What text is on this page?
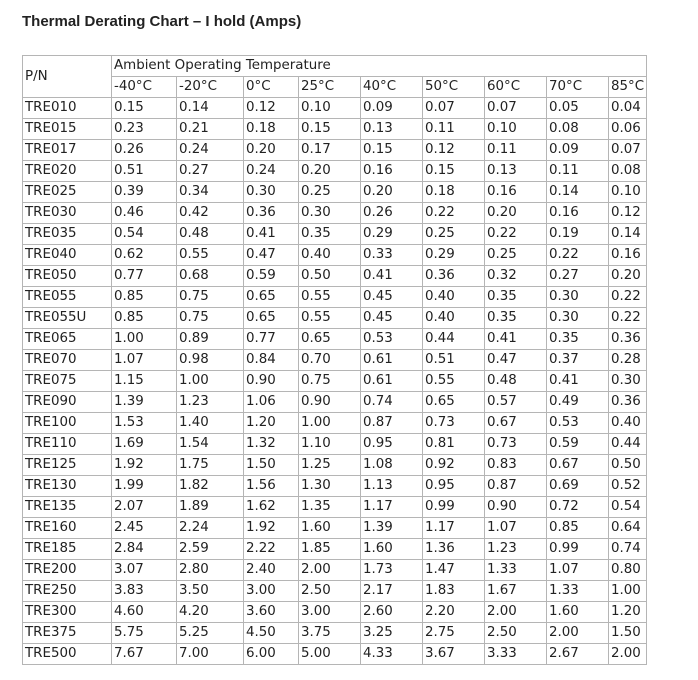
Thermal Derating Chart – I hold (Amps)
P/N	Ambient Operating Temperature								
	-40°C	-20°C	0°C	25°C	40°C	50°C	60°C	70°C	85°C
TRE010	0.15	0.14	0.12	0.10	0.09	0.07	0.07	0.05	0.04
TRE015	0.23	0.21	0.18	0.15	0.13	0.11	0.10	0.08	0.06
TRE017	0.26	0.24	0.20	0.17	0.15	0.12	0.11	0.09	0.07
TRE020	0.51	0.27	0.24	0.20	0.16	0.15	0.13	0.11	0.08
TRE025	0.39	0.34	0.30	0.25	0.20	0.18	0.16	0.14	0.10
TRE030	0.46	0.42	0.36	0.30	0.26	0.22	0.20	0.16	0.12
TRE035	0.54	0.48	0.41	0.35	0.29	0.25	0.22	0.19	0.14
TRE040	0.62	0.55	0.47	0.40	0.33	0.29	0.25	0.22	0.16
TRE050	0.77	0.68	0.59	0.50	0.41	0.36	0.32	0.27	0.20
TRE055	0.85	0.75	0.65	0.55	0.45	0.40	0.35	0.30	0.22
TRE055U	0.85	0.75	0.65	0.55	0.45	0.40	0.35	0.30	0.22
TRE065	1.00	0.89	0.77	0.65	0.53	0.44	0.41	0.35	0.36
TRE070	1.07	0.98	0.84	0.70	0.61	0.51	0.47	0.37	0.28
TRE075	1.15	1.00	0.90	0.75	0.61	0.55	0.48	0.41	0.30
TRE090	1.39	1.23	1.06	0.90	0.74	0.65	0.57	0.49	0.36
TRE100	1.53	1.40	1.20	1.00	0.87	0.73	0.67	0.53	0.40
TRE110	1.69	1.54	1.32	1.10	0.95	0.81	0.73	0.59	0.44
TRE125	1.92	1.75	1.50	1.25	1.08	0.92	0.83	0.67	0.50
TRE130	1.99	1.82	1.56	1.30	1.13	0.95	0.87	0.69	0.52
TRE135	2.07	1.89	1.62	1.35	1.17	0.99	0.90	0.72	0.54
TRE160	2.45	2.24	1.92	1.60	1.39	1.17	1.07	0.85	0.64
TRE185	2.84	2.59	2.22	1.85	1.60	1.36	1.23	0.99	0.74
TRE200	3.07	2.80	2.40	2.00	1.73	1.47	1.33	1.07	0.80
TRE250	3.83	3.50	3.00	2.50	2.17	1.83	1.67	1.33	1.00
TRE300	4.60	4.20	3.60	3.00	2.60	2.20	2.00	1.60	1.20
TRE375	5.75	5.25	4.50	3.75	3.25	2.75	2.50	2.00	1.50
TRE500	7.67	7.00	6.00	5.00	4.33	3.67	3.33	2.67	2.00
